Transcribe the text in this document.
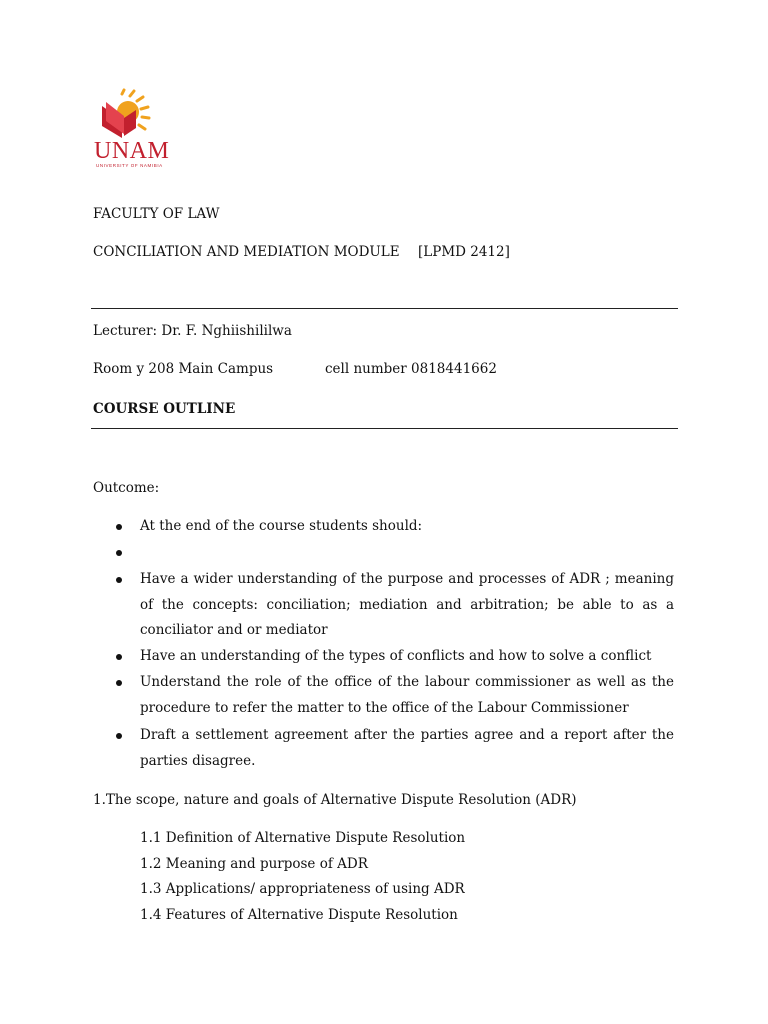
UNAM
UNIVERSITY OF NAMIBIA
FACULTY OF LAW
CONCILIATION AND MEDIATION MODULE [LPMD 2412]
Lecturer: Dr. F. Nghiishililwa
Room y 208 Main Campus	cell number 0818441662
COURSE OUTLINE
Outcome:
At the end of the course students should:
Have a wider understanding of the purpose and processes of ADR ; meaning of the concepts: conciliation; mediation and arbitration; be able to as a conciliator and or mediator
Have an understanding of the types of conflicts and how to solve a conflict
Understand the role of the office of the labour commissioner as well as the procedure to refer the matter to the office of the Labour Commissioner
Draft a settlement agreement after the parties agree and a report after the parties disagree.
1.The scope, nature and goals of Alternative Dispute Resolution (ADR)
1.1 Definition of Alternative Dispute Resolution
1.2 Meaning and purpose of ADR
1.3 Applications/ appropriateness of using ADR
1.4 Features of Alternative Dispute Resolution
